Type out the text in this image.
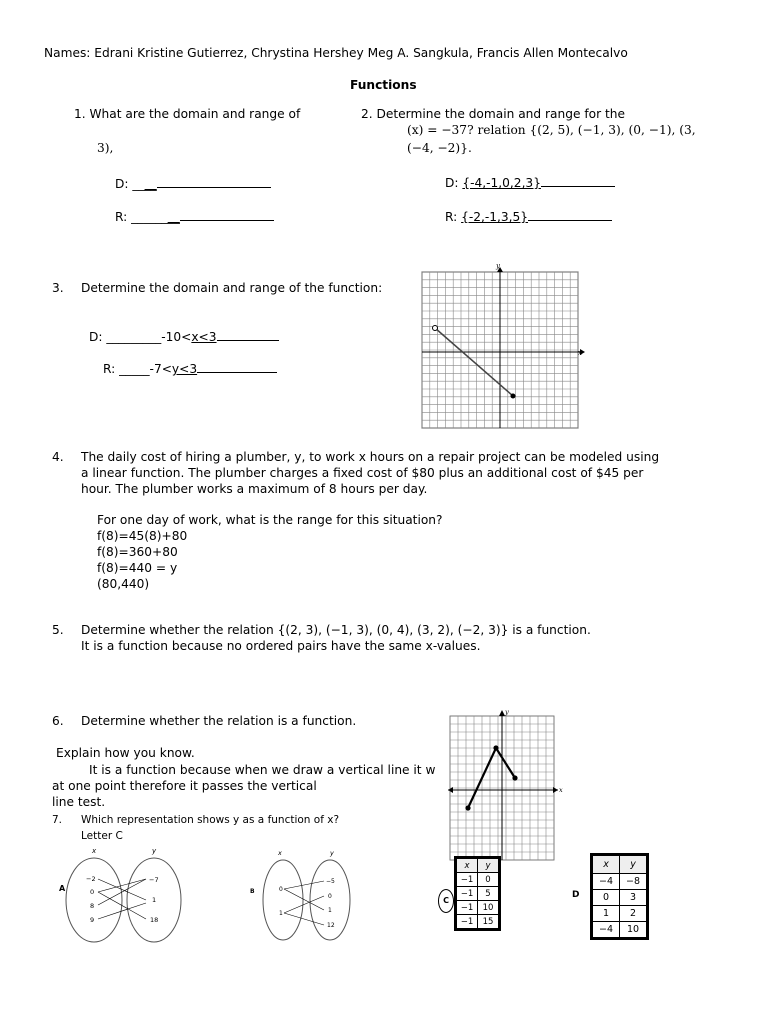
Names: Edrani Kristine Gutierrez, Chrystina Hershey Meg A. Sangkula, Francis Allen Montecalvo
Functions
1. What are the domain and range of
3),
D: ____
R: ________
2. Determine the domain and range for the
(x) = −37? relation {(2, 5), (−1, 3), (0, −1), (3,
(−4, −2)}.
D: {-4,-1,0,2,3}
R: {-2,-1,3,5}
3. Determine the domain and range of the function:
D: _________-10<x<3
R: _____-7<y<3
x
y
4. The daily cost of hiring a plumber, y, to work x hours on a repair project can be modeled using
a linear function. The plumber charges a fixed cost of $80 plus an additional cost of $45 per
hour. The plumber works a maximum of 8 hours per day.
For one day of work, what is the range for this situation?
f(8)=45(8)+80
f(8)=360+80
f(8)=440 = y
(80,440)
5. Determine whether the relation {(2, 3), (−1, 3), (0, 4), (3, 2), (−2, 3)} is a function.
It is a function because no ordered pairs have the same x-values.
6. Determine whether the relation is a function.
Explain how you know.
It is a function because when we draw a vertical line it w
at one point therefore it passes the vertical
line test.
x
y
7. Which representation shows y as a function of x?
Letter C
A
x	y
−2
0
8
9
−7
1
18
B
x	y
0
1
−5
0
1
12
C
x	y
−1	0
−1	5
−1	10
−1	15
D
x	y
−4	−8
0	3
1	2
−4	10
